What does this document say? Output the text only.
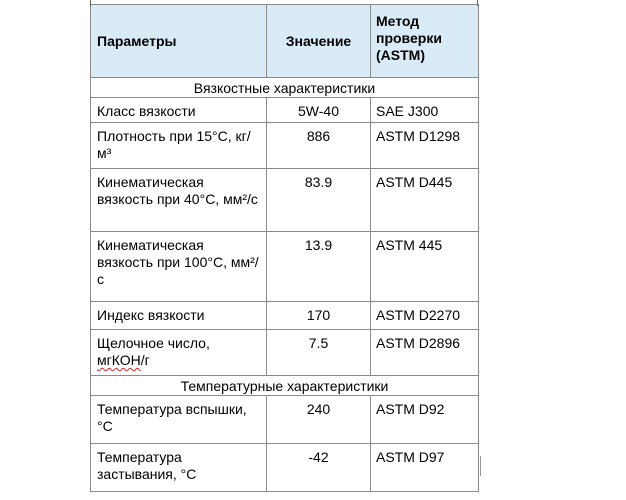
Параметры	Значение	Метод проверки (ASTM)
Вязкостные характеристики		
Класс вязкости	5W-40	SAE J300
Плотность при 15°С, кг/м³	886	ASTM D1298
Кинематическая вязкость при 40°С, мм²/с	83.9	ASTM D445
Кинематическая вязкость при 100°С, мм²/с	13.9	ASTM 445
Индекс вязкости	170	ASTM D2270
Щелочное число, мгКОН/г	7.5	ASTM D2896
Температурные характеристики		
Температура вспышки, °С	240	ASTM D92
Температура застывания, °С	-42	ASTM D97
